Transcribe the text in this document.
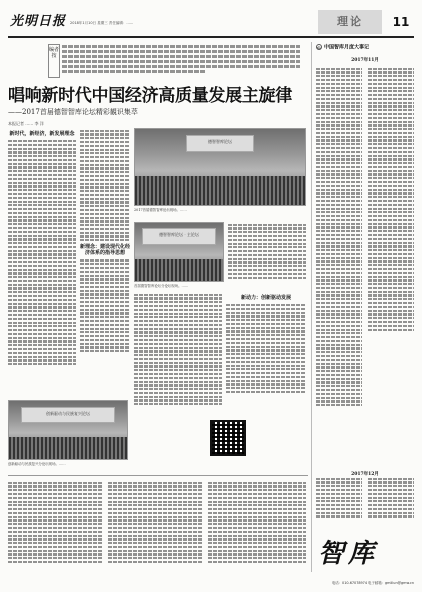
光明日报 2018年1月10日 星期三 责任编辑：……	理论	11
编者按
唱响新时代中国经济高质量发展主旋律
——2017首届德智智库论坛精彩観识集萃
本报记者 …… 李 洋
新时代，新经济，新发展理念
新理念：建设现代化经济体系的指导思想
德智智库论坛
2017首届德智智库论坛现场。……
德智智库论坛 · 主论坛
首届德智智库论坛分论坛现场。……
新动力：创新驱动发展
创新驱动与民族复兴论坛
创新驱动与民族复兴分论坛现场。……
G 中国智库月度大事记
2017年11月
2017年12月
智库
电话：010-67078974 电子邮箱：gmlilun@gmw.cn
